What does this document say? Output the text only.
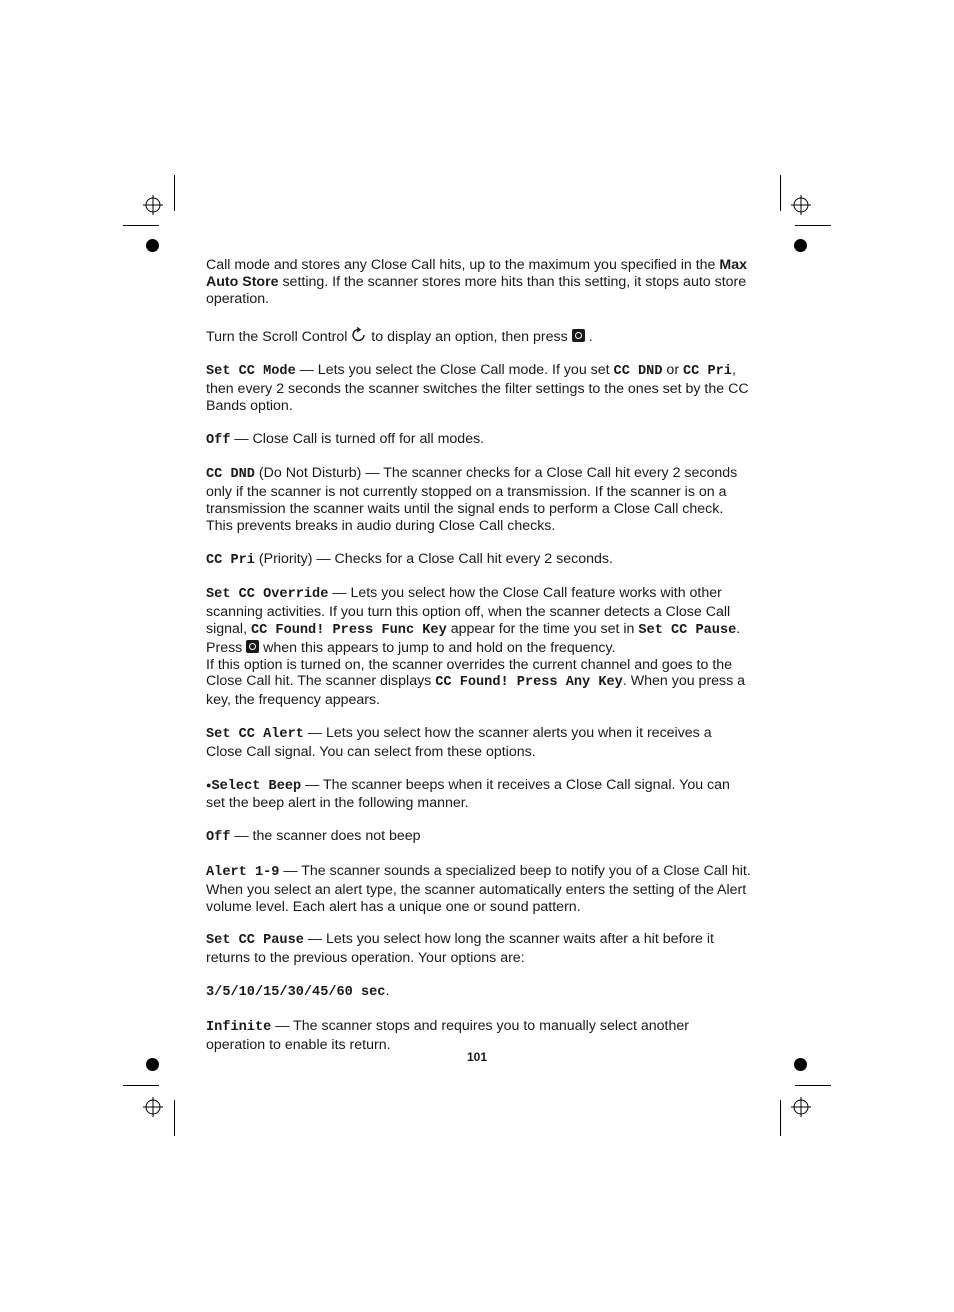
Call mode and stores any Close Call hits, up to the maximum you specified in the Max Auto Store setting. If the scanner stores more hits than this setting, it stops auto store operation.

Turn the Scroll Control  to display an option, then press  .

Set CC Mode — Lets you select the Close Call mode. If you set CC DND or CC Pri, then every 2 seconds the scanner switches the filter settings to the ones set by the CC Bands option.

Off — Close Call is turned off for all modes.

CC DND (Do Not Disturb) — The scanner checks for a Close Call hit every 2 seconds only if the scanner is not currently stopped on a transmission. If the scanner is on a transmission the scanner waits until the signal ends to perform a Close Call check. This prevents breaks in audio during Close Call checks.

CC Pri (Priority) — Checks for a Close Call hit every 2 seconds.

Set CC Override — Lets you select how the Close Call feature works with other scanning activities. If you turn this option off, when the scanner detects a Close Call signal, CC Found! Press Func Key appear for the time you set in Set CC Pause. Press  when this appears to jump to and hold on the frequency.

If this option is turned on, the scanner overrides the current channel and goes to the Close Call hit. The scanner displays CC Found! Press Any Key. When you press a key, the frequency appears.

Set CC Alert — Lets you select how the scanner alerts you when it receives a Close Call signal. You can select from these options.

●Select Beep — The scanner beeps when it receives a Close Call signal. You can set the beep alert in the following manner.

Off — the scanner does not beep

Alert 1-9 — The scanner sounds a specialized beep to notify you of a Close Call hit. When you select an alert type, the scanner automatically enters the setting of the Alert volume level. Each alert has a unique one or sound pattern.

Set CC Pause — Lets you select how long the scanner waits after a hit before it returns to the previous operation. Your options are:

3/5/10/15/30/45/60 sec.

Infinite — The scanner stops and requires you to manually select another operation to enable its return.

101
